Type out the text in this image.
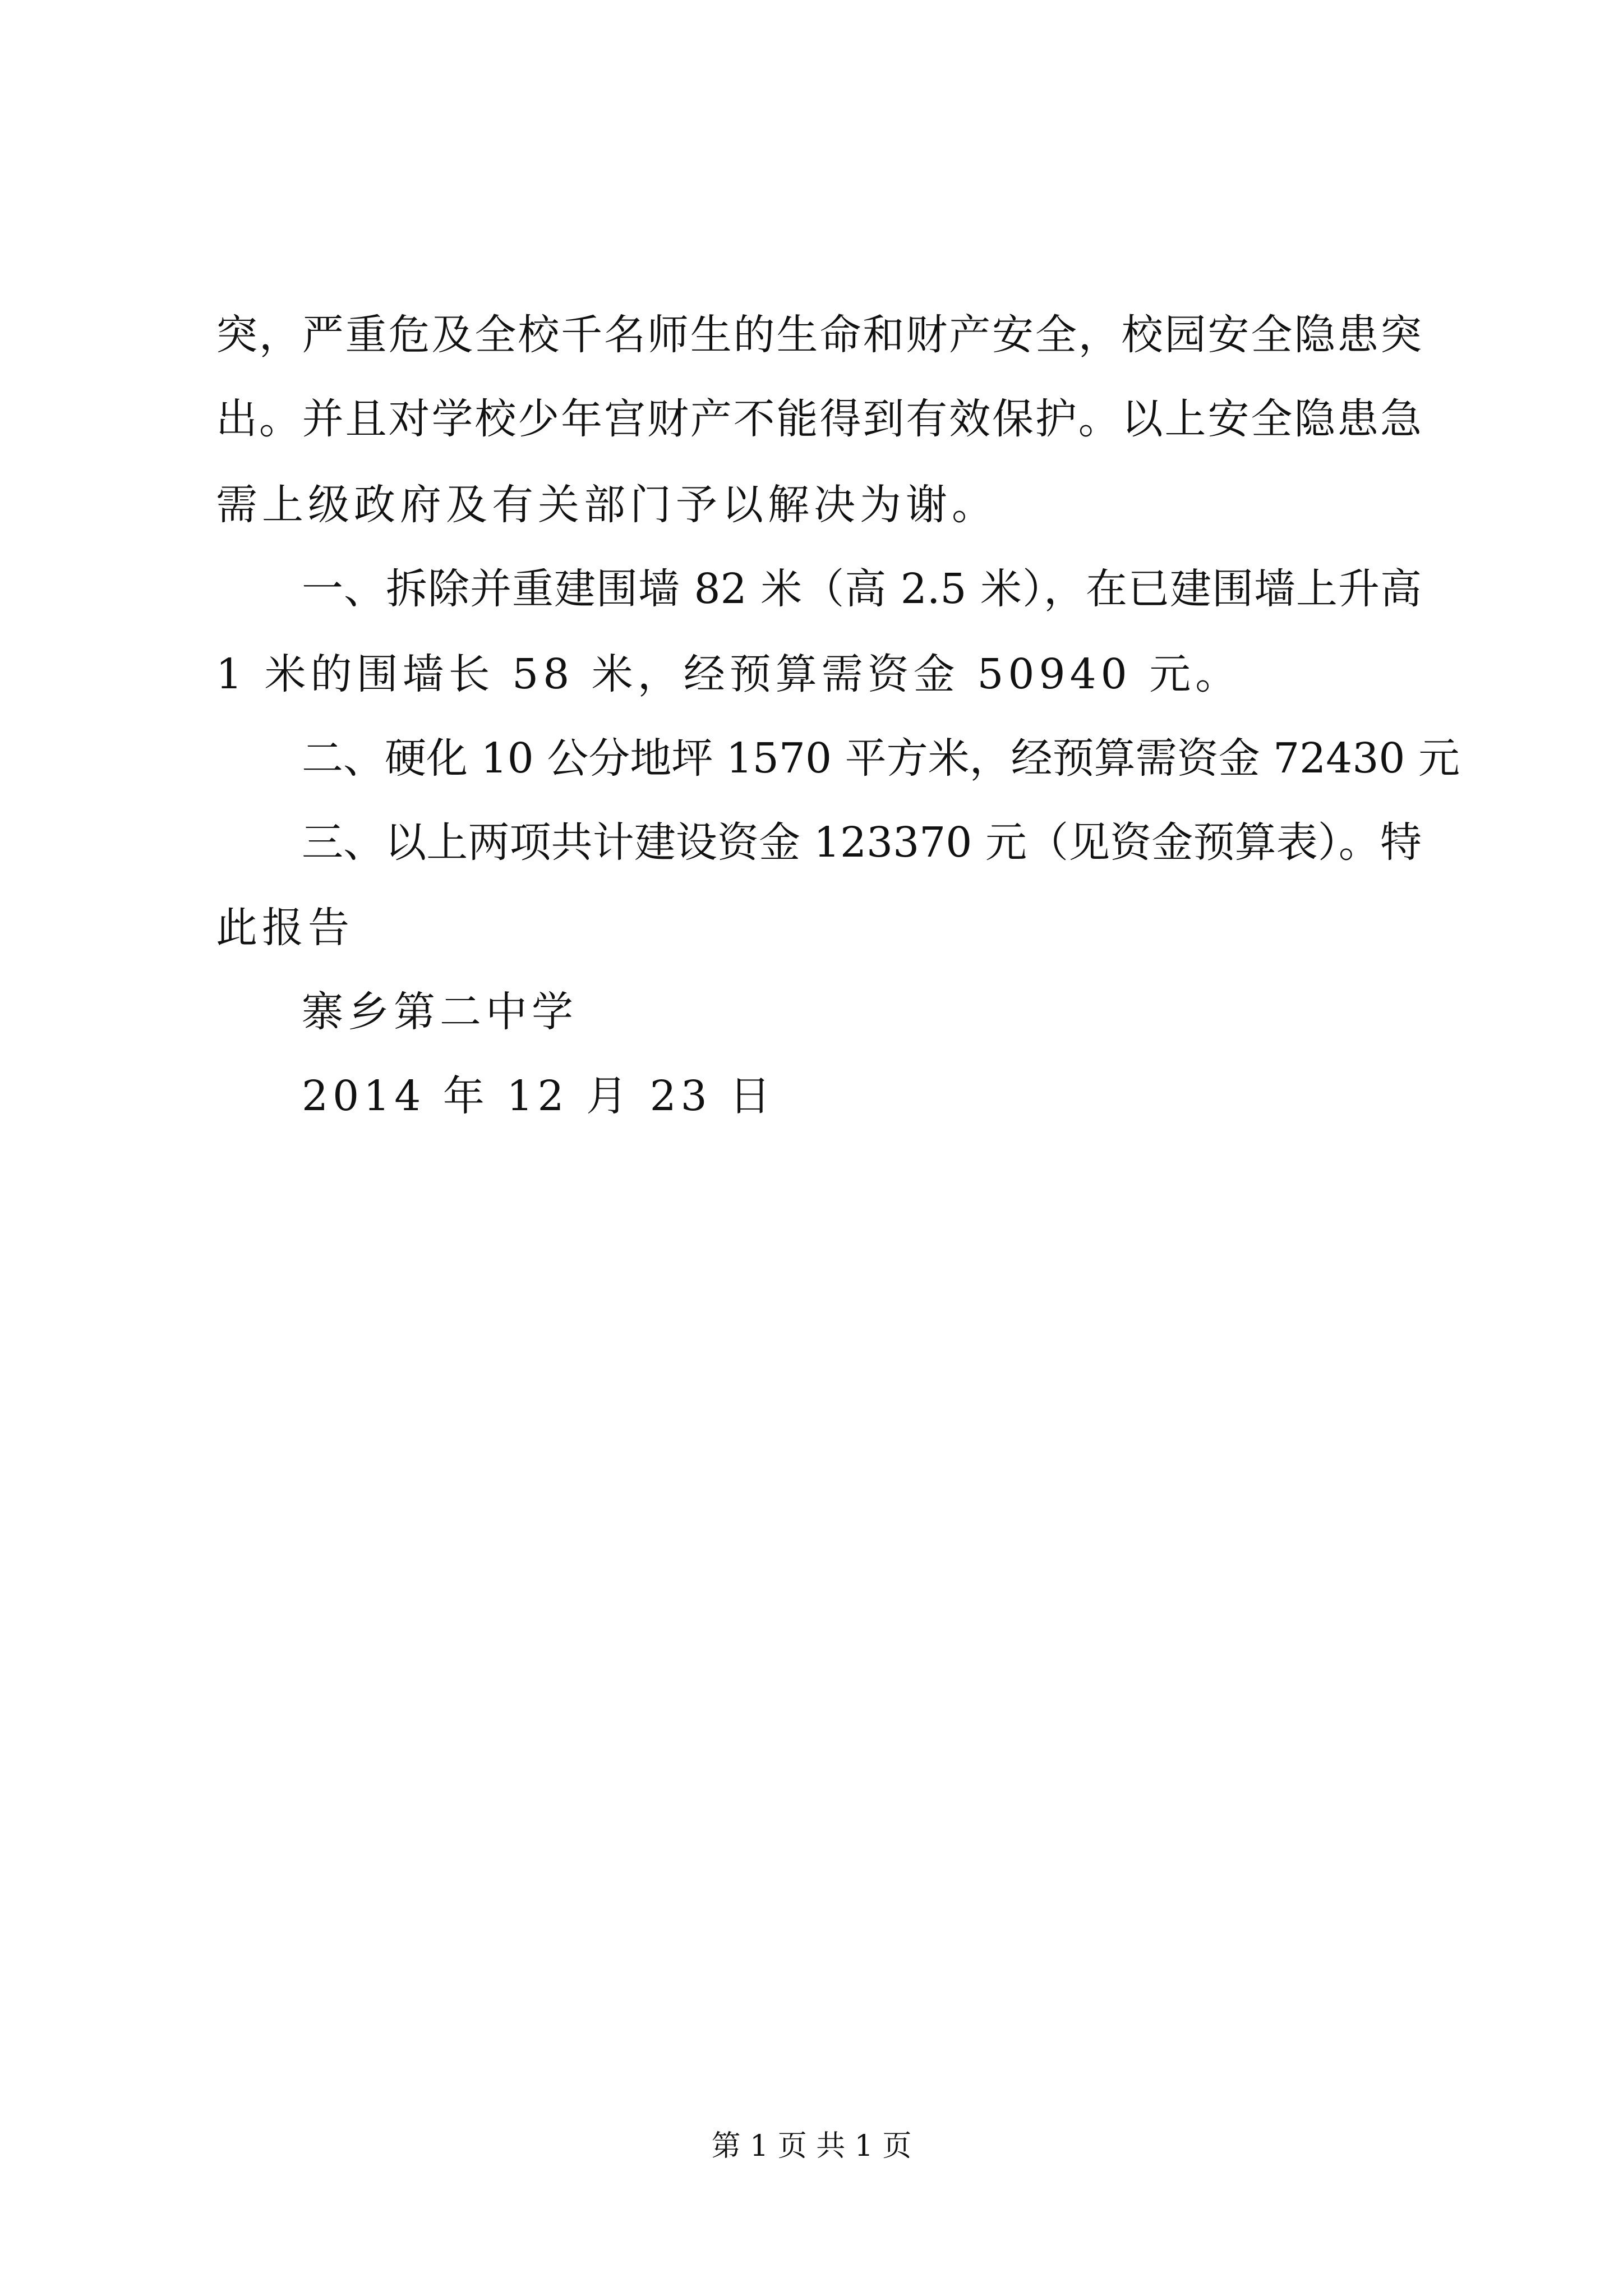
突，严重危及全校千名师生的生命和财产安全，校园安全隐患突
出。并且对学校少年宫财产不能得到有效保护。以上安全隐患急
需上级政府及有关部门予以解决为谢。
一、拆除并重建围墙 82 米（高 2.5 米），在已建围墙上升高
1 米的围墙长 58 米，经预算需资金 50940 元。
二、硬化 10 公分地坪 1570 平方米，经预算需资金 72430 元
三、以上两项共计建设资金 123370 元（见资金预算表）。特
此报告
寨乡第二中学
2014 年 12 月 23 日
第 1 页 共 1 页
